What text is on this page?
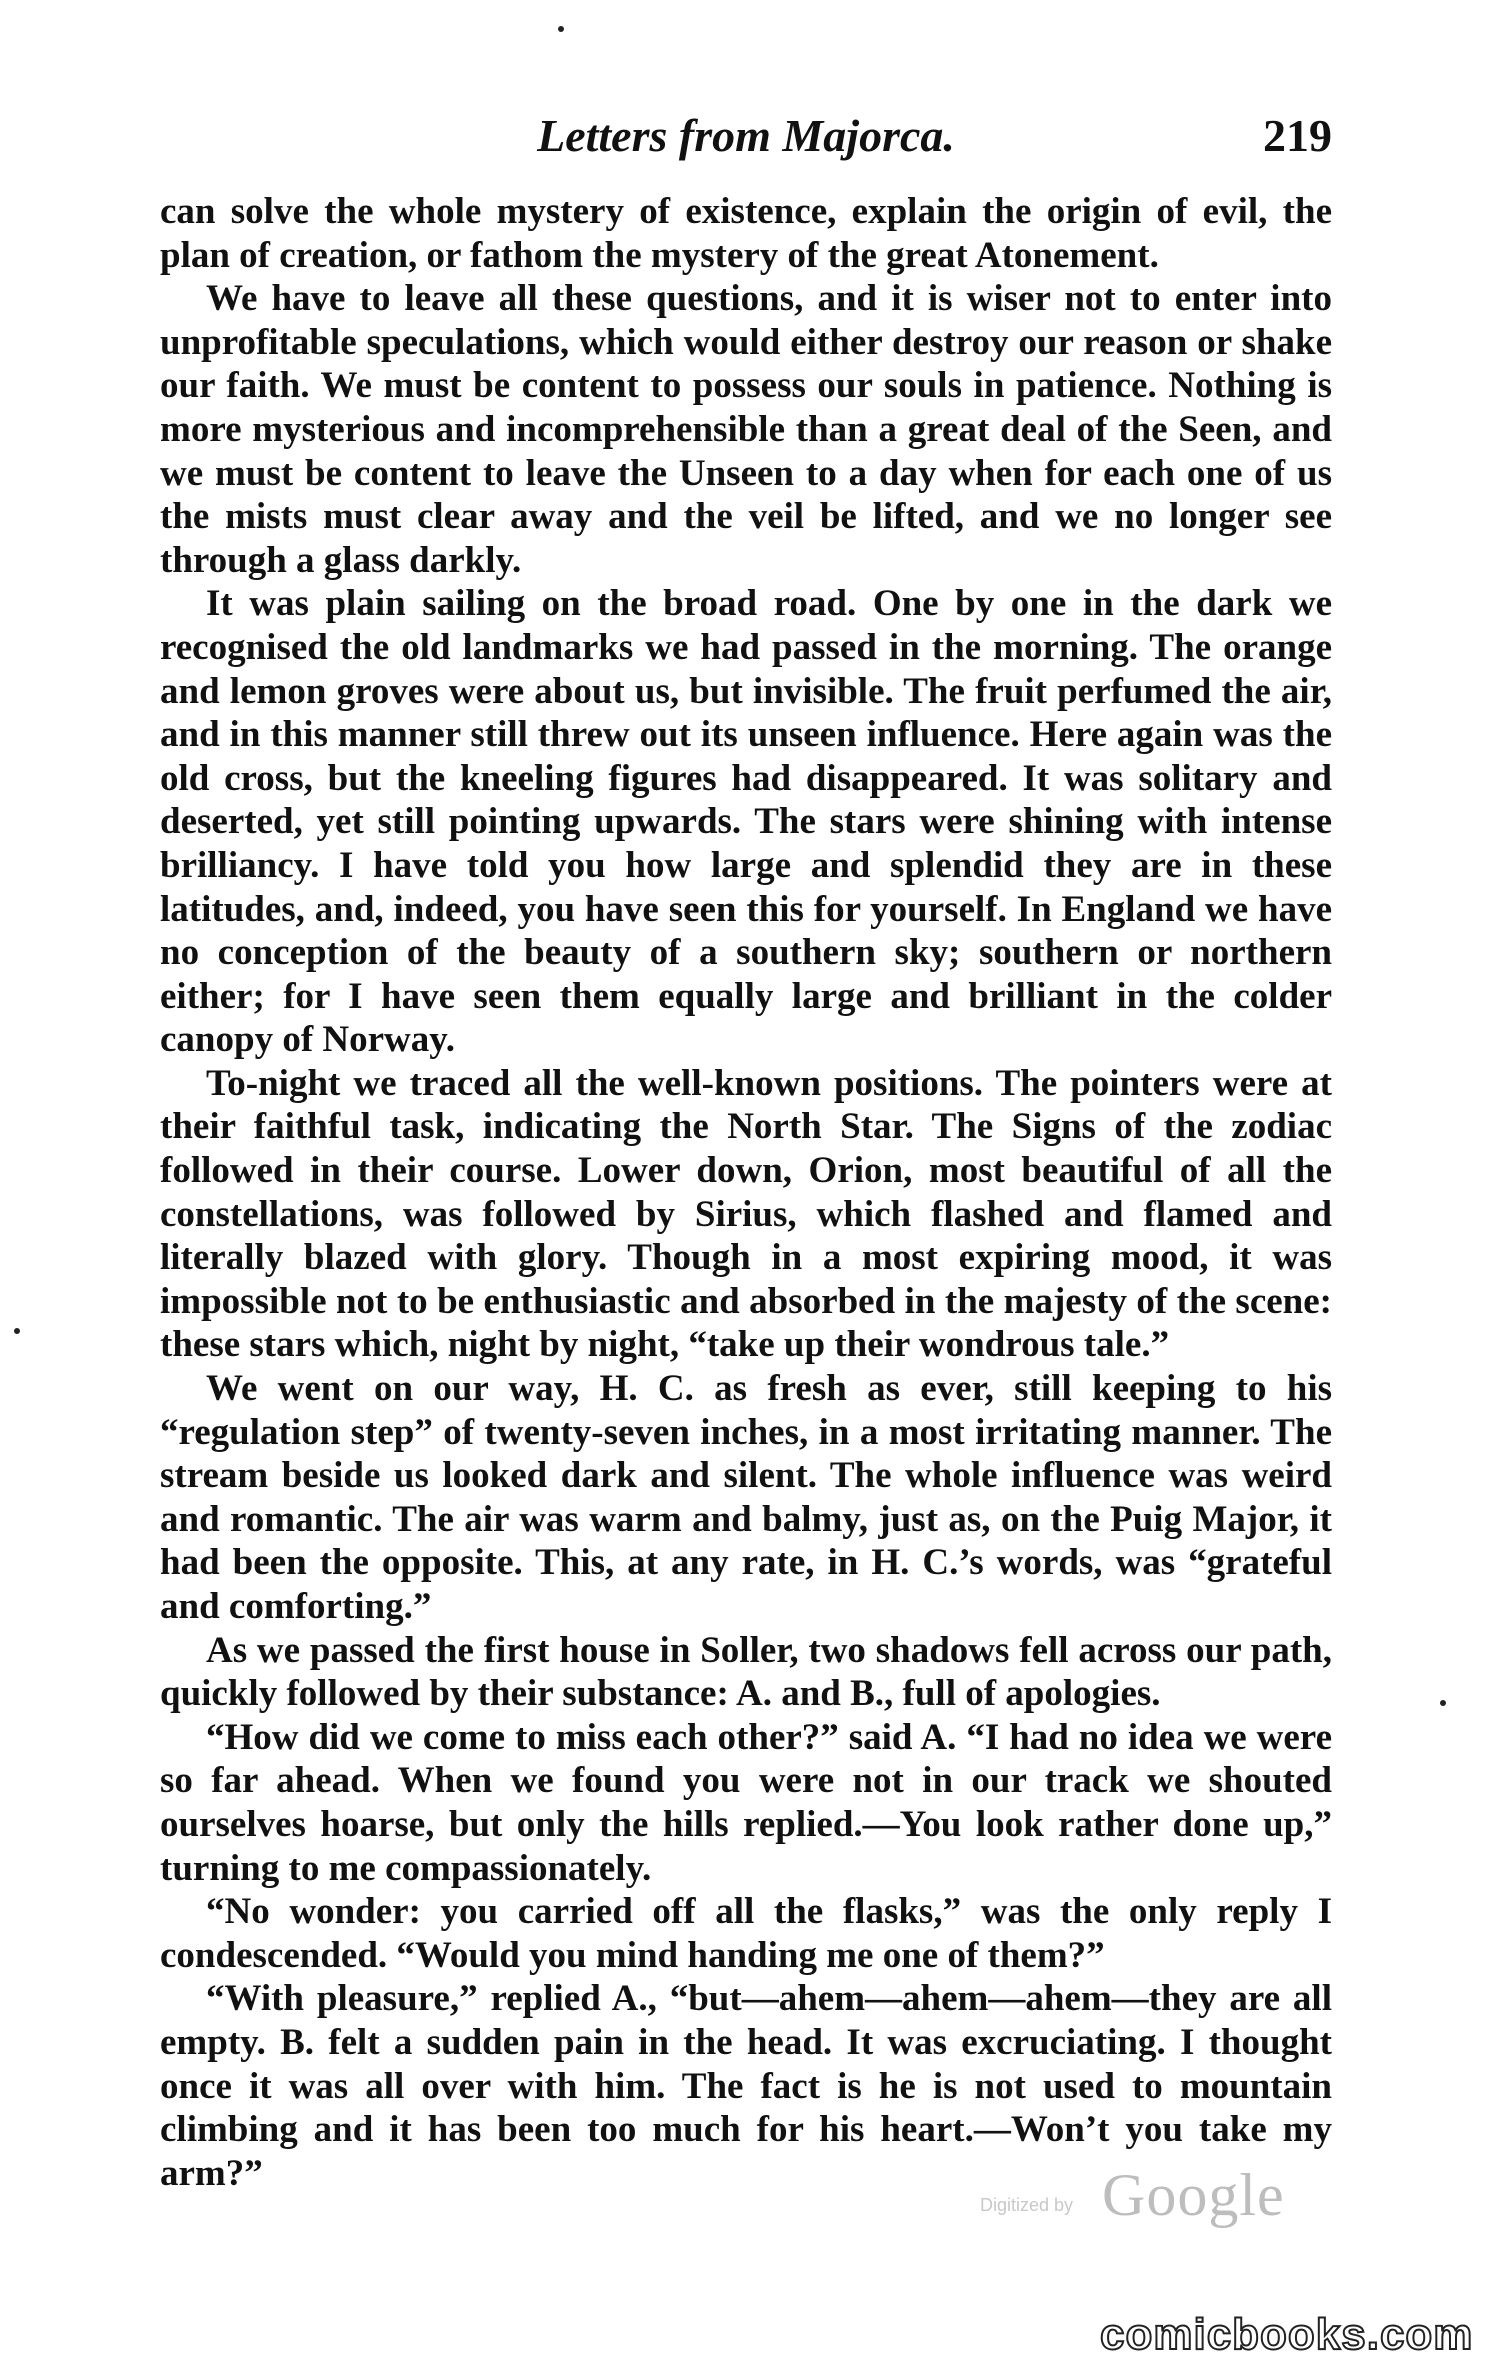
Letters from Majorca.	219

can solve the whole mystery of existence, explain the origin of evil, the plan of creation, or fathom the mystery of the great Atonement.

We have to leave all these questions, and it is wiser not to enter into unprofitable speculations, which would either destroy our reason or shake our faith. We must be content to possess our souls in patience. Nothing is more mysterious and incomprehensible than a great deal of the Seen, and we must be content to leave the Unseen to a day when for each one of us the mists must clear away and the veil be lifted, and we no longer see through a glass darkly.

It was plain sailing on the broad road. One by one in the dark we recognised the old landmarks we had passed in the morning. The orange and lemon groves were about us, but invisible. The fruit perfumed the air, and in this manner still threw out its unseen influence. Here again was the old cross, but the kneeling figures had disappeared. It was solitary and deserted, yet still pointing upwards. The stars were shining with intense brilliancy. I have told you how large and splendid they are in these latitudes, and, indeed, you have seen this for yourself. In England we have no conception of the beauty of a southern sky; southern or northern either; for I have seen them equally large and brilliant in the colder canopy of Norway.

To-night we traced all the well-known positions. The pointers were at their faithful task, indicating the North Star. The Signs of the zodiac followed in their course. Lower down, Orion, most beautiful of all the constellations, was followed by Sirius, which flashed and flamed and literally blazed with glory. Though in a most expiring mood, it was impossible not to be enthusiastic and absorbed in the majesty of the scene: these stars which, night by night, “take up their wondrous tale.”

We went on our way, H. C. as fresh as ever, still keeping to his “regulation step” of twenty-seven inches, in a most irritating manner. The stream beside us looked dark and silent. The whole influence was weird and romantic. The air was warm and balmy, just as, on the Puig Major, it had been the opposite. This, at any rate, in H. C.’s words, was “grateful and comforting.”

As we passed the first house in Soller, two shadows fell across our path, quickly followed by their substance: A. and B., full of apologies.

“How did we come to miss each other?” said A. “I had no idea we were so far ahead. When we found you were not in our track we shouted ourselves hoarse, but only the hills replied.—You look rather done up,” turning to me compassionately.

“No wonder: you carried off all the flasks,” was the only reply I condescended. “Would you mind handing me one of them?”

“With pleasure,” replied A., “but—ahem—ahem—ahem—they are all empty. B. felt a sudden pain in the head. It was excruciating. I thought once it was all over with him. The fact is he is not used to mountain climbing and it has been too much for his heart.—Won’t you take my arm?”

Digitized by Google
comicbooks.com
